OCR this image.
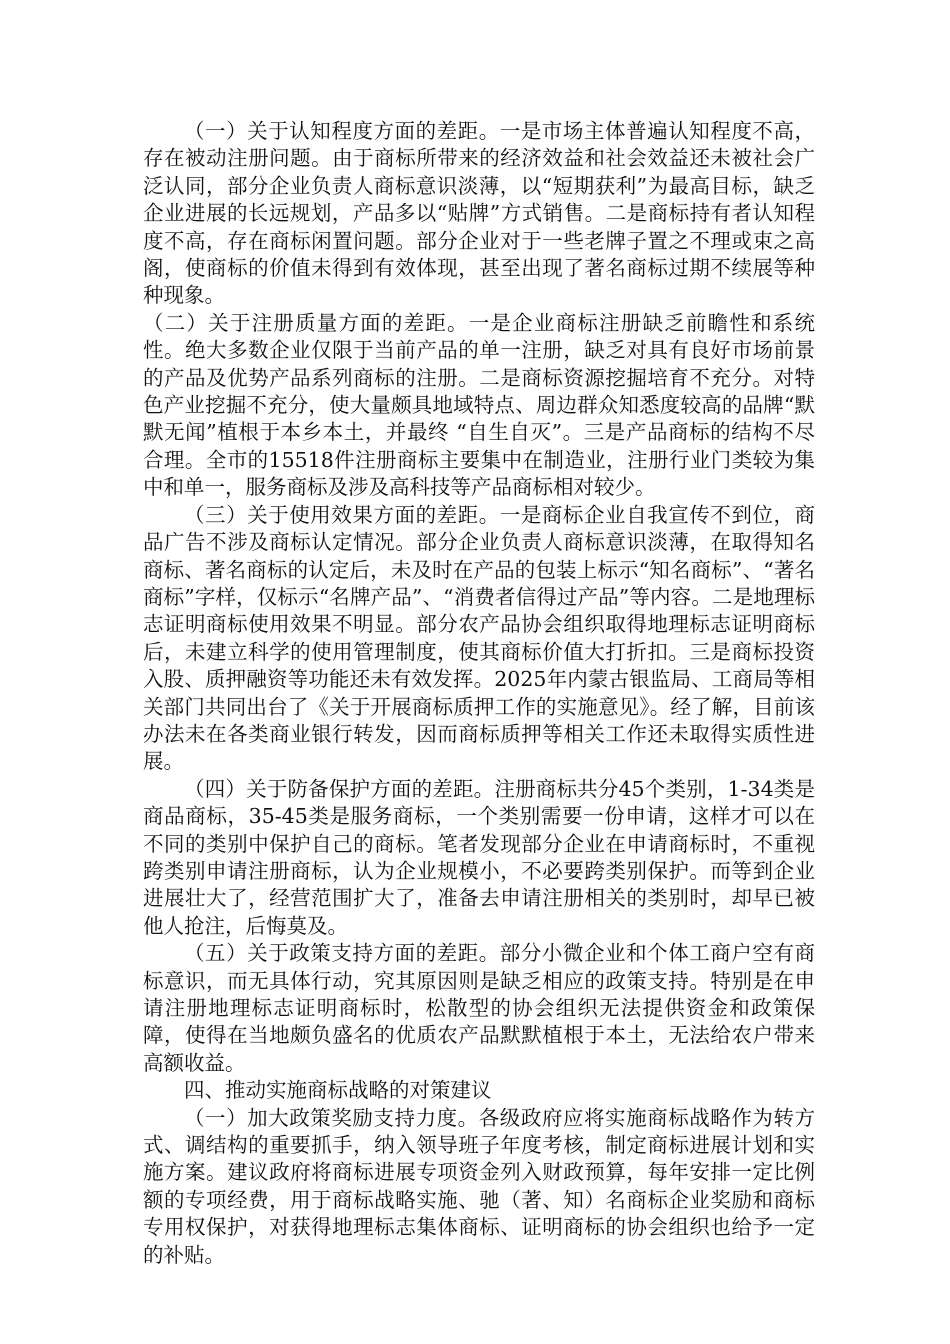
（一）关于认知程度方面的差距。一是市场主体普遍认知程度不高，存在被动注册问题。由于商标所带来的经济效益和社会效益还未被社会广泛认同，部分企业负责人商标意识淡薄，以“短期获利”为最高目标，缺乏企业进展的长远规划，产品多以“贴牌”方式销售。二是商标持有者认知程度不高，存在商标闲置问题。部分企业对于一些老牌子置之不理或束之高阁，使商标的价值未得到有效体现，甚至出现了著名商标过期不续展等种种现象。

（二）关于注册质量方面的差距。一是企业商标注册缺乏前瞻性和系统性。绝大多数企业仅限于当前产品的单一注册，缺乏对具有良好市场前景的产品及优势产品系列商标的注册。二是商标资源挖掘培育不充分。对特色产业挖掘不充分，使大量颇具地域特点、周边群众知悉度较高的品牌“默默无闻”植根于本乡本土，并最终 “自生自灭”。三是产品商标的结构不尽合理。全市的15518件注册商标主要集中在制造业，注册行业门类较为集中和单一，服务商标及涉及高科技等产品商标相对较少。

（三）关于使用效果方面的差距。一是商标企业自我宣传不到位，商品广告不涉及商标认定情况。部分企业负责人商标意识淡薄，在取得知名商标、著名商标的认定后，未及时在产品的包装上标示“知名商标”、“著名商标”字样，仅标示“名牌产品”、“消费者信得过产品”等内容。二是地理标志证明商标使用效果不明显。部分农产品协会组织取得地理标志证明商标后，未建立科学的使用管理制度，使其商标价值大打折扣。三是商标投资入股、质押融资等功能还未有效发挥。2025年内蒙古银监局、工商局等相关部门共同出台了《关于开展商标质押工作的实施意见》。经了解，目前该办法未在各类商业银行转发，因而商标质押等相关工作还未取得实质性进展。

（四）关于防备保护方面的差距。注册商标共分45个类别，1-34类是商品商标，35-45类是服务商标，一个类别需要一份申请，这样才可以在不同的类别中保护自己的商标。笔者发现部分企业在申请商标时，不重视跨类别申请注册商标，认为企业规模小，不必要跨类别保护。而等到企业进展壮大了，经营范围扩大了，准备去申请注册相关的类别时，却早已被他人抢注，后悔莫及。

（五）关于政策支持方面的差距。部分小微企业和个体工商户空有商标意识，而无具体行动，究其原因则是缺乏相应的政策支持。特别是在申请注册地理标志证明商标时，松散型的协会组织无法提供资金和政策保障，使得在当地颇负盛名的优质农产品默默植根于本土，无法给农户带来高额收益。

四、推动实施商标战略的对策建议

（一）加大政策奖励支持力度。各级政府应将实施商标战略作为转方式、调结构的重要抓手，纳入领导班子年度考核，制定商标进展计划和实施方案。建议政府将商标进展专项资金列入财政预算，每年安排一定比例额的专项经费，用于商标战略实施、驰（著、知）名商标企业奖励和商标专用权保护，对获得地理标志集体商标、证明商标的协会组织也给予一定的补贴。
